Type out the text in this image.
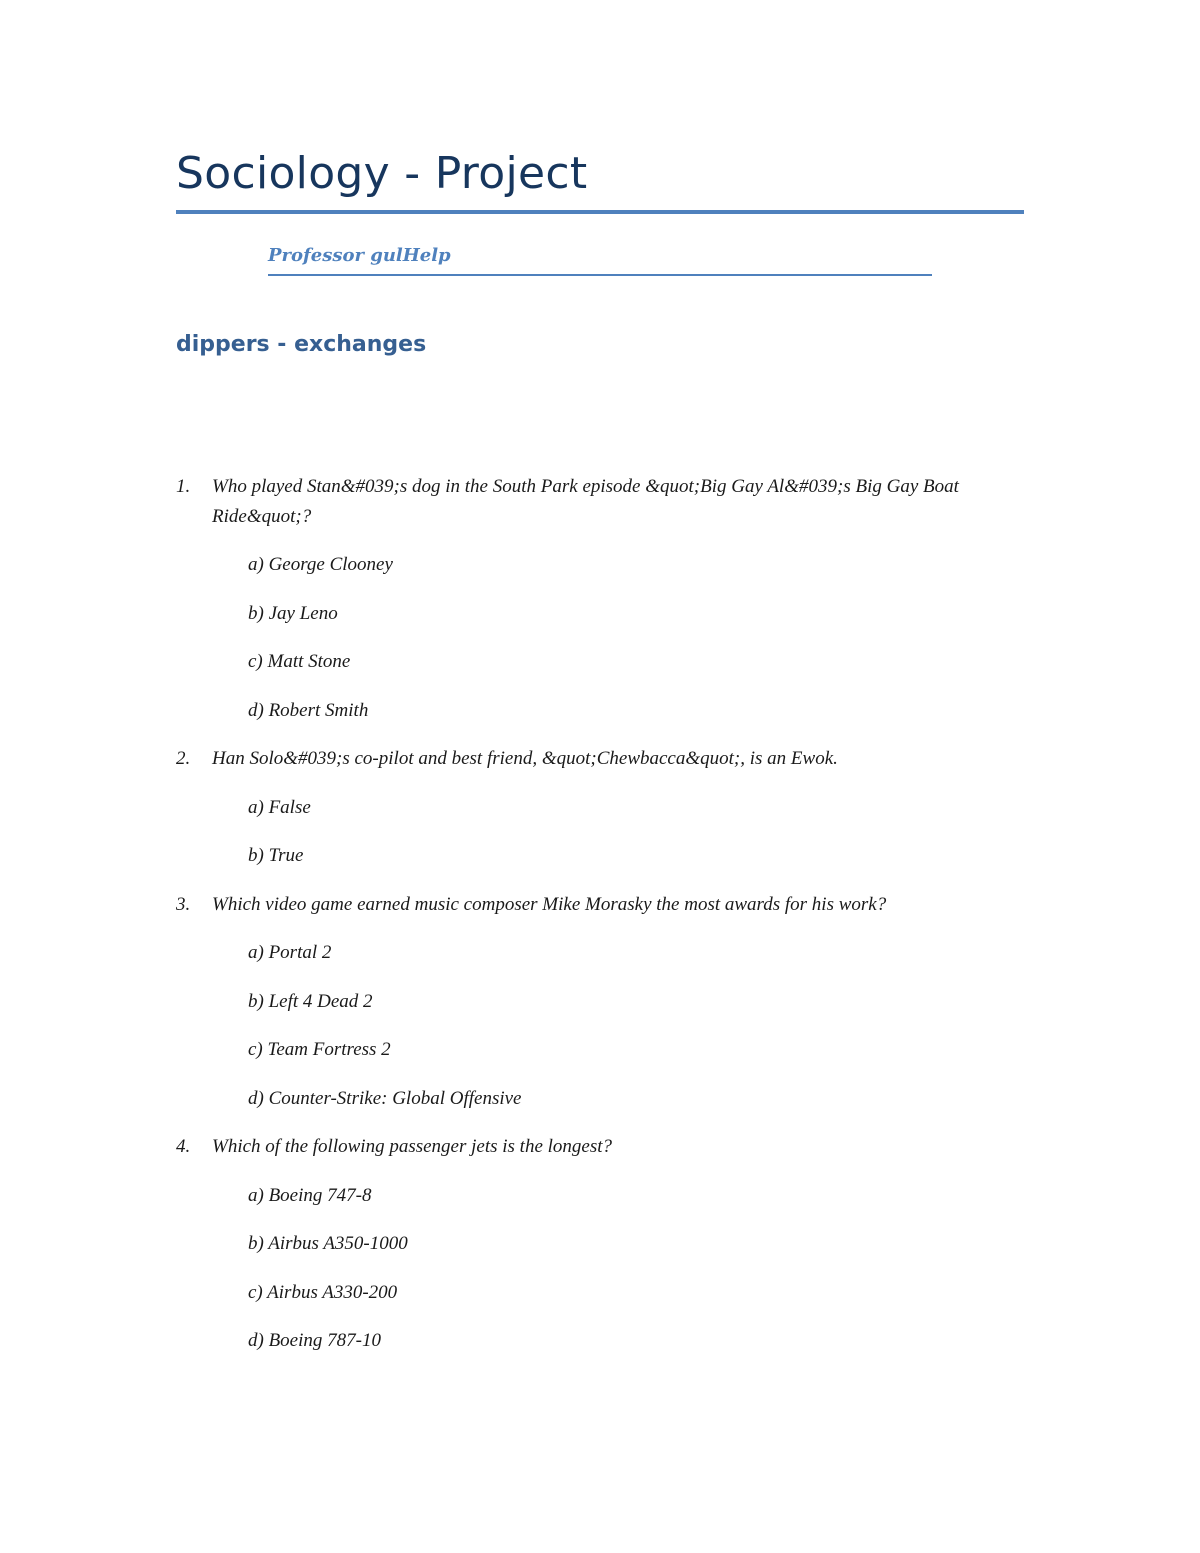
Sociology - Project

Professor gulHelp

dippers - exchanges
1. Who played Stan&#039;s dog in the South Park episode &quot;Big Gay Al&#039;s Big Gay Boat Ride&quot;?
a) George Clooney
b) Jay Leno
c) Matt Stone
d) Robert Smith
2. Han Solo&#039;s co-pilot and best friend, &quot;Chewbacca&quot;, is an Ewok.
a) False
b) True
3. Which video game earned music composer Mike Morasky the most awards for his work?
a) Portal 2
b) Left 4 Dead 2
c) Team Fortress 2
d) Counter-Strike: Global Offensive
4. Which of the following passenger jets is the longest?
a) Boeing 747-8
b) Airbus A350-1000
c) Airbus A330-200
d) Boeing 787-10
